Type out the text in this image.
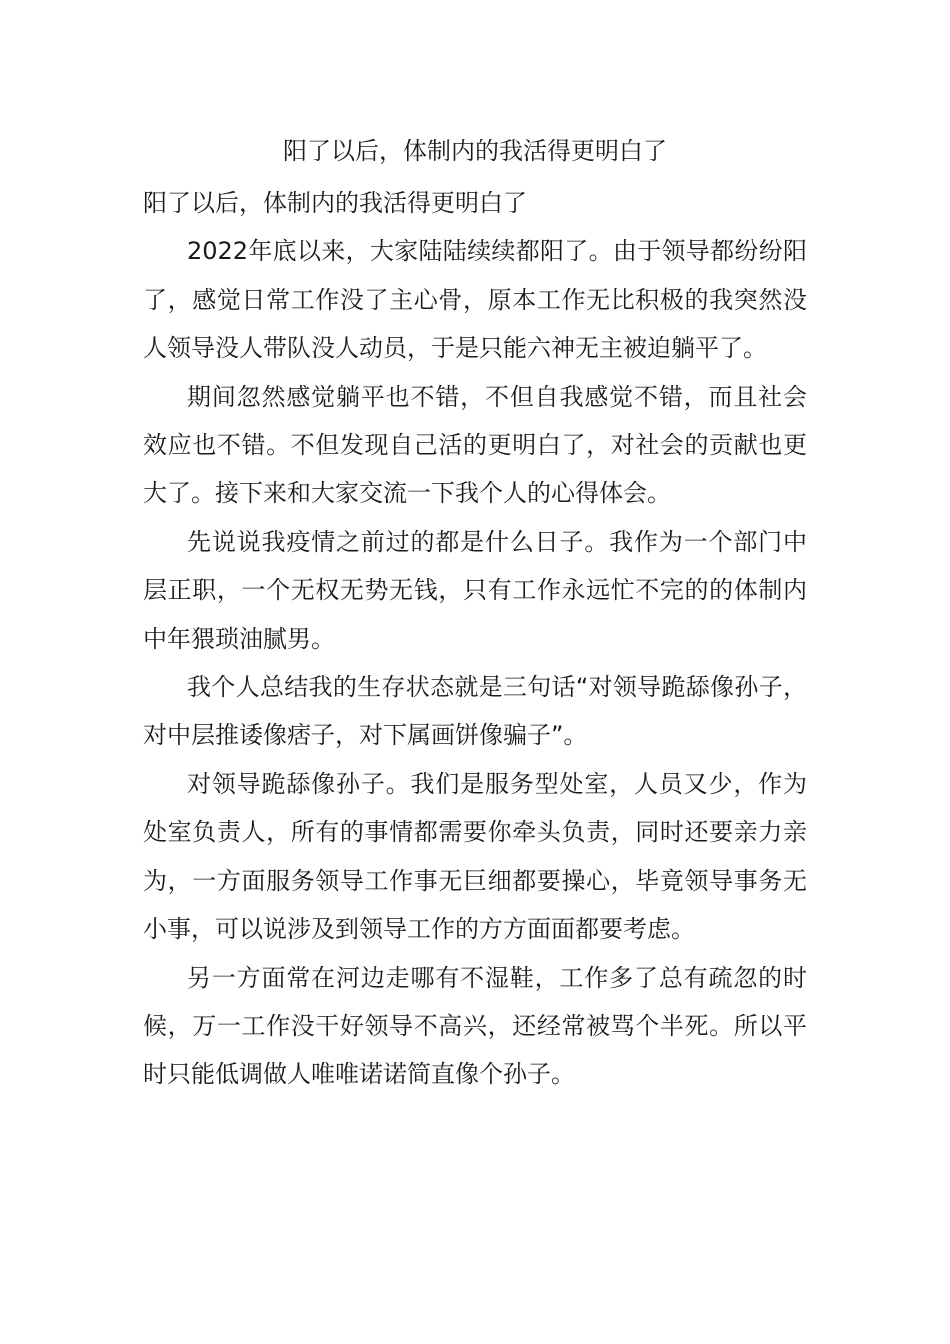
阳了以后，体制内的我活得更明白了

阳了以后，体制内的我活得更明白了

2022年底以来，大家陆陆续续都阳了。由于领导都纷纷阳了，感觉日常工作没了主心骨，原本工作无比积极的我突然没人领导没人带队没人动员，于是只能六神无主被迫躺平了。

期间忽然感觉躺平也不错，不但自我感觉不错，而且社会效应也不错。不但发现自己活的更明白了，对社会的贡献也更大了。接下来和大家交流一下我个人的心得体会。

先说说我疫情之前过的都是什么日子。我作为一个部门中层正职，一个无权无势无钱，只有工作永远忙不完的的体制内中年猥琐油腻男。

我个人总结我的生存状态就是三句话“对领导跪舔像孙子，对中层推诿像痞子，对下属画饼像骗子”。

对领导跪舔像孙子。我们是服务型处室，人员又少，作为处室负责人，所有的事情都需要你牵头负责，同时还要亲力亲为，一方面服务领导工作事无巨细都要操心，毕竟领导事务无小事，可以说涉及到领导工作的方方面面都要考虑。

另一方面常在河边走哪有不湿鞋，工作多了总有疏忽的时候，万一工作没干好领导不高兴，还经常被骂个半死。所以平时只能低调做人唯唯诺诺简直像个孙子。
